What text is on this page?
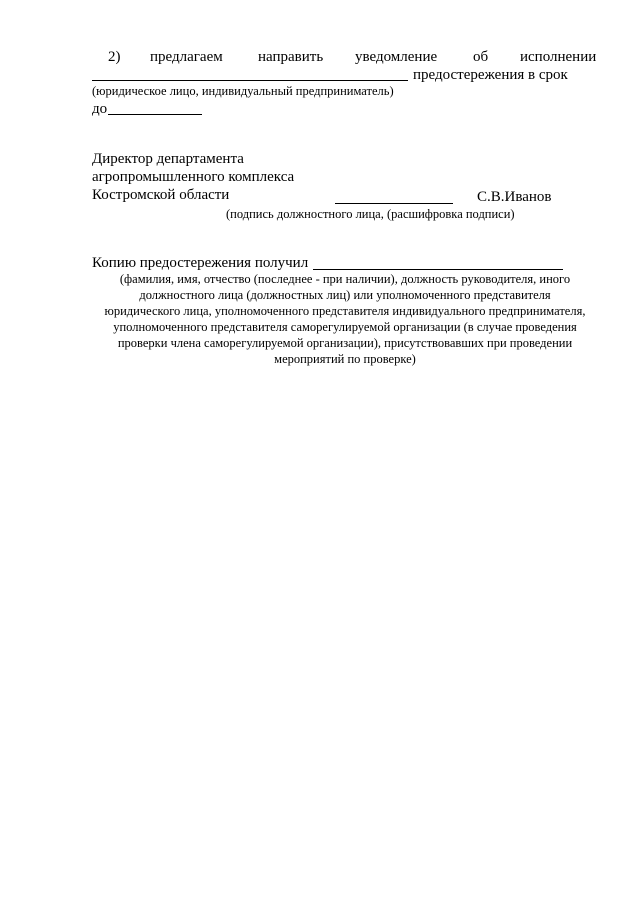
2) предлагаем направить уведомление об исполнении
предостережения в срок
(юридическое лицо, индивидуальный предприниматель)
до
Директор департамента
агропромышленного комплекса
Костромской области	С.В.Иванов
(подпись должностного лица, (расшифровка подписи)
Копию предостережения получил
(фамилия, имя, отчество (последнее - при наличии), должность руководителя, иного
должностного лица (должностных лиц) или уполномоченного представителя
юридического лица, уполномоченного представителя индивидуального предпринимателя,
уполномоченного представителя саморегулируемой организации (в случае проведения
проверки члена саморегулируемой организации), присутствовавших при проведении
мероприятий по проверке)
